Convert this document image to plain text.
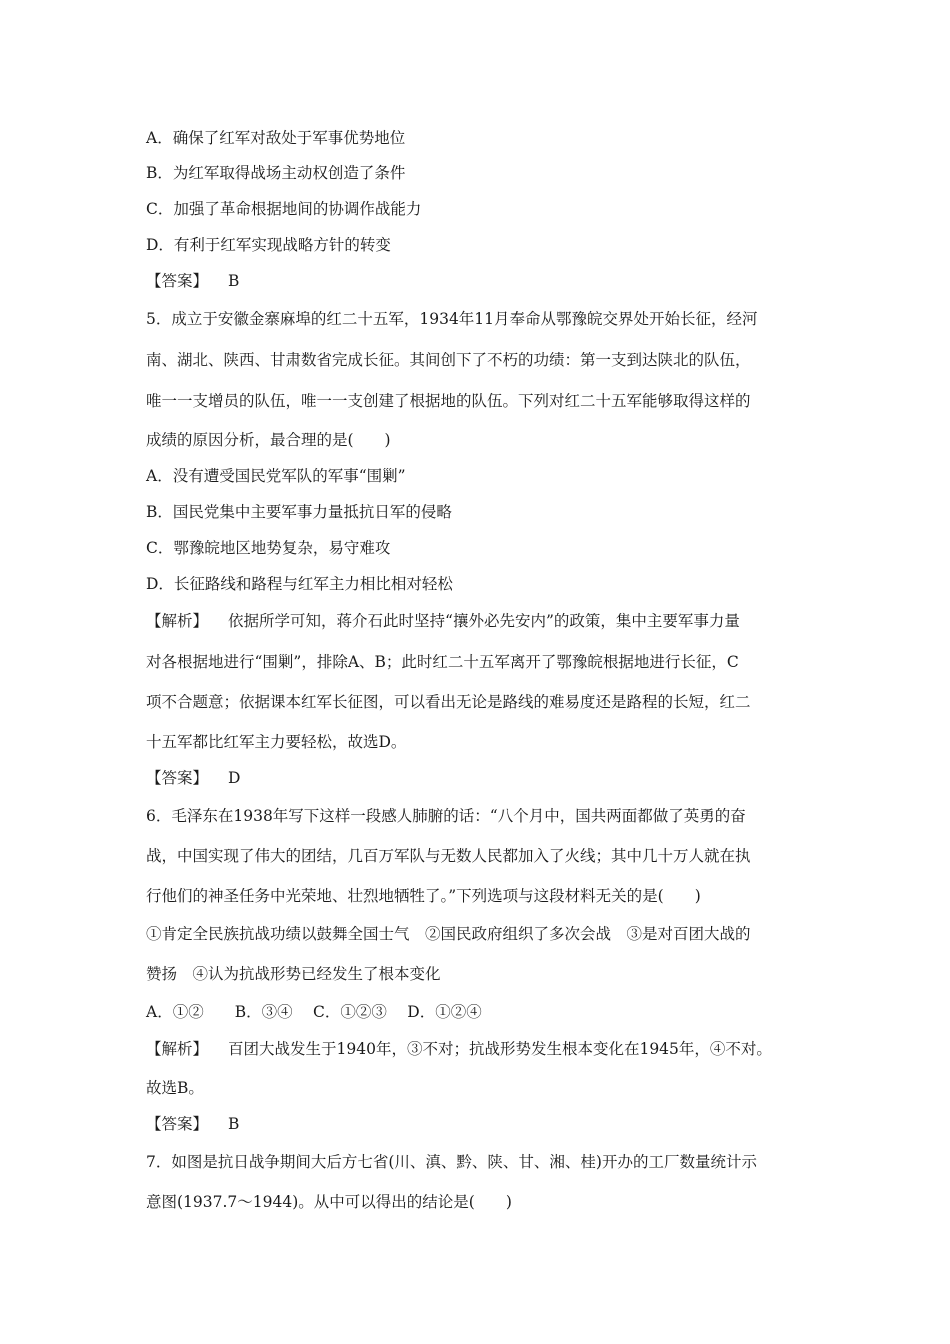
A．确保了红军对敌处于军事优势地位
B．为红军取得战场主动权创造了条件
C．加强了革命根据地间的协调作战能力
D．有利于红军实现战略方针的转变
【答案】 B
5．成立于安徽金寨麻埠的红二十五军，1934年11月奉命从鄂豫皖交界处开始长征，经河
南、湖北、陕西、甘肃数省完成长征。其间创下了不朽的功绩：第一支到达陕北的队伍，
唯一一支增员的队伍，唯一一支创建了根据地的队伍。下列对红二十五军能够取得这样的
成绩的原因分析，最合理的是(　　)
A．没有遭受国民党军队的军事“围剿”
B．国民党集中主要军事力量抵抗日军的侵略
C．鄂豫皖地区地势复杂，易守难攻
D．长征路线和路程与红军主力相比相对轻松
【解析】 依据所学可知，蒋介石此时坚持“攘外必先安内”的政策，集中主要军事力量
对各根据地进行“围剿”，排除A、B；此时红二十五军离开了鄂豫皖根据地进行长征，C
项不合题意；依据课本红军长征图，可以看出无论是路线的难易度还是路程的长短，红二
十五军都比红军主力要轻松，故选D。
【答案】 D
6．毛泽东在1938年写下这样一段感人肺腑的话：“八个月中，国共两面都做了英勇的奋
战，中国实现了伟大的团结，几百万军队与无数人民都加入了火线；其中几十万人就在执
行他们的神圣任务中光荣地、壮烈地牺牲了。”下列选项与这段材料无关的是(　　)
①肯定全民族抗战功绩以鼓舞全国士气　②国民政府组织了多次会战　③是对百团大战的
赞扬　④认为抗战形势已经发生了根本变化
A．①②　　B．③④　 C．①②③　 D．①②④
【解析】 百团大战发生于1940年，③不对；抗战形势发生根本变化在1945年，④不对。
故选B。
【答案】 B
7．如图是抗日战争期间大后方七省(川、滇、黔、陕、甘、湘、桂)开办的工厂数量统计示
意图(1937.7～1944)。从中可以得出的结论是(　　)
